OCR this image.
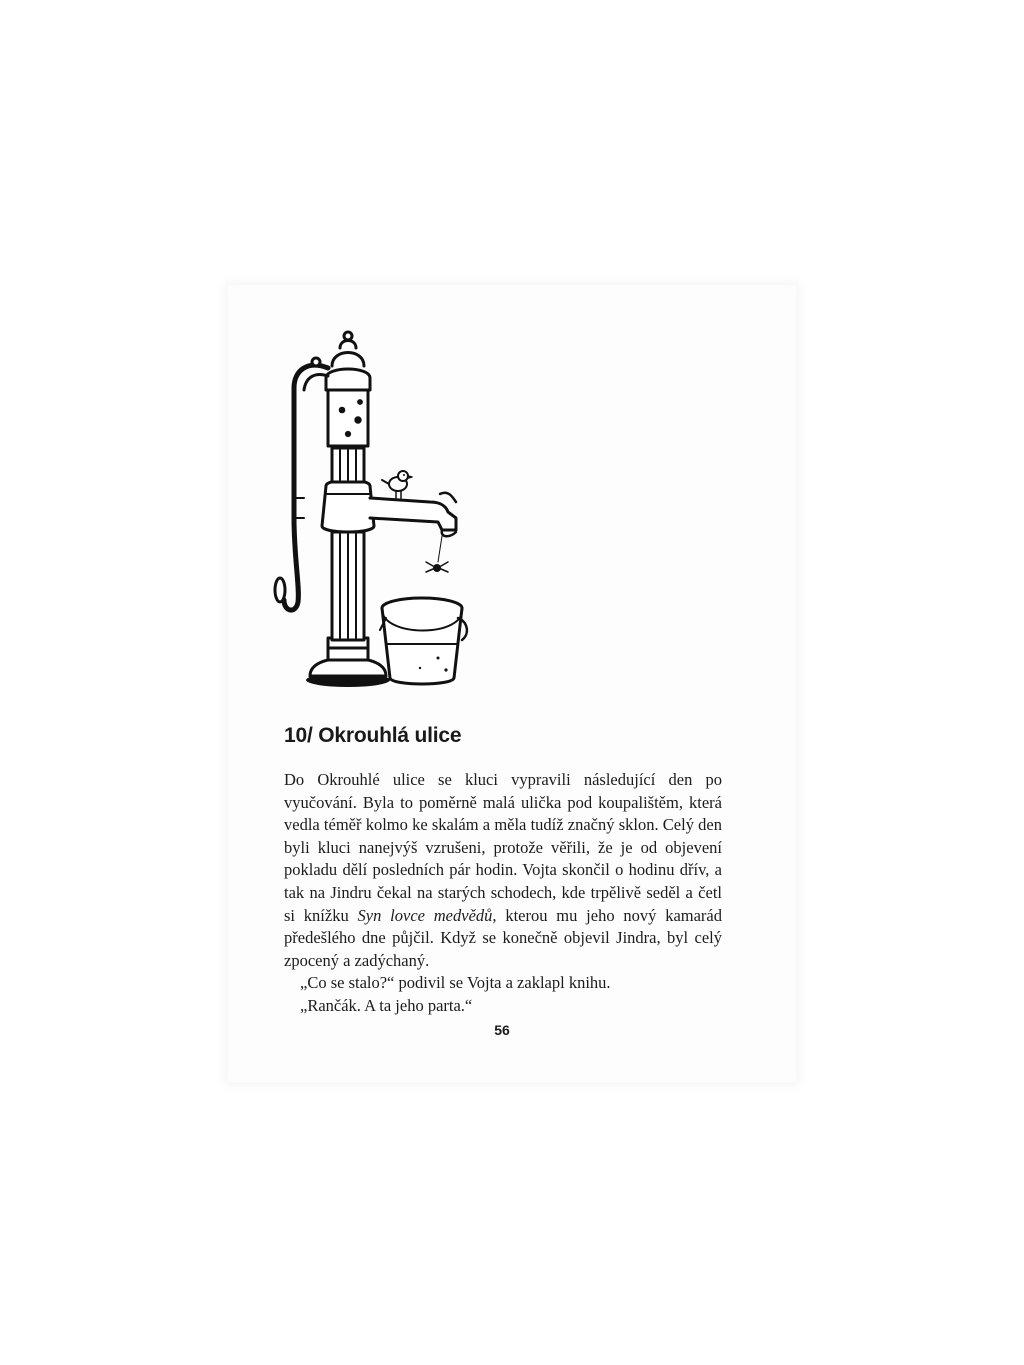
10/ Okrouhlá ulice

Do Okrouhlé ulice se kluci vypravili následující den po vyučování. Byla to poměrně malá ulička pod koupalištěm, která vedla téměř kolmo ke skalám a měla tudíž značný sklon. Celý den byli kluci nanejvýš vzrušeni, protože věřili, že je od objevení pokladu dělí posledních pár hodin. Vojta skončil o hodinu dřív, a tak na Jindru čekal na starých schodech, kde trpělivě seděl a četl si knížku Syn lovce medvědů, kterou mu jeho nový kamarád předešlého dne půjčil. Když se konečně objevil Jindra, byl celý zpocený a zadýchaný.

„Co se stalo?“ podivil se Vojta a zaklapl knihu.

„Rančák. A ta jeho parta.“

56
